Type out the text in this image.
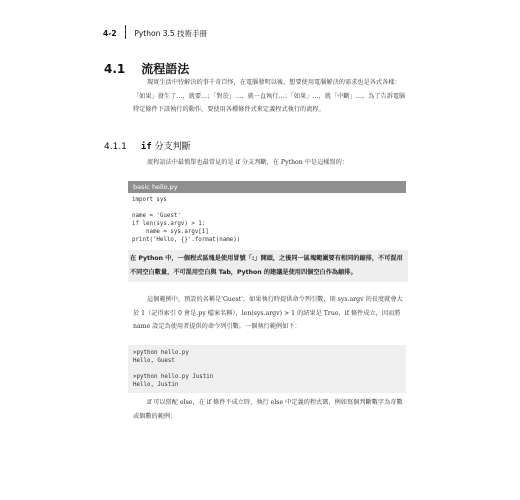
4-2 Python 3.5 技術手冊
4.1 流程語法
現實生活中待解決的事千奇百怪，在電腦發明以後，想要使用電腦解決的需求也是各式各樣：「如果」發生了…，就要…；「對於」…，就一直執行…；「如果」…，就「中斷」…。為了告訴電腦特定條件下該執行的動作，要使用各種條件式來定義程式執行的流程。
4.1.1 if 分支判斷
流程語法中最簡單也最常見的是 if 分支判斷，在 Python 中是這樣寫的：
basic hello.py
import sys

name = 'Guest'
if len(sys.argv) > 1:
name = sys.argv[1]
print('Hello, {}'.format(name))
在 Python 中，一個程式區塊是使用冒號「:」開頭，之後同一區塊範圍要有相同的縮排，不可混用不同空白數量，不可混用空白與 Tab，Python 的建議是使用四個空白作為縮排。
這個範例中，預設的名稱是'Guest'，如果執行時提供命令列引數，則 sys.argv 的長度就會大於 1（記得索引 0 會是.py 檔案名稱），len(sys.argv) > 1 的結果是 True，if 條件成立，因而將 name 設定為使用者提供的命令列引數。一個執行範例如下：
>python hello.py
Hello, Guest

>python hello.py Justin
Hello, Justin
if 可以搭配 else，在 if 條件不成立時，執行 else 中定義的程式碼，例如寫個判斷數字為奇數或偶數的範例：
